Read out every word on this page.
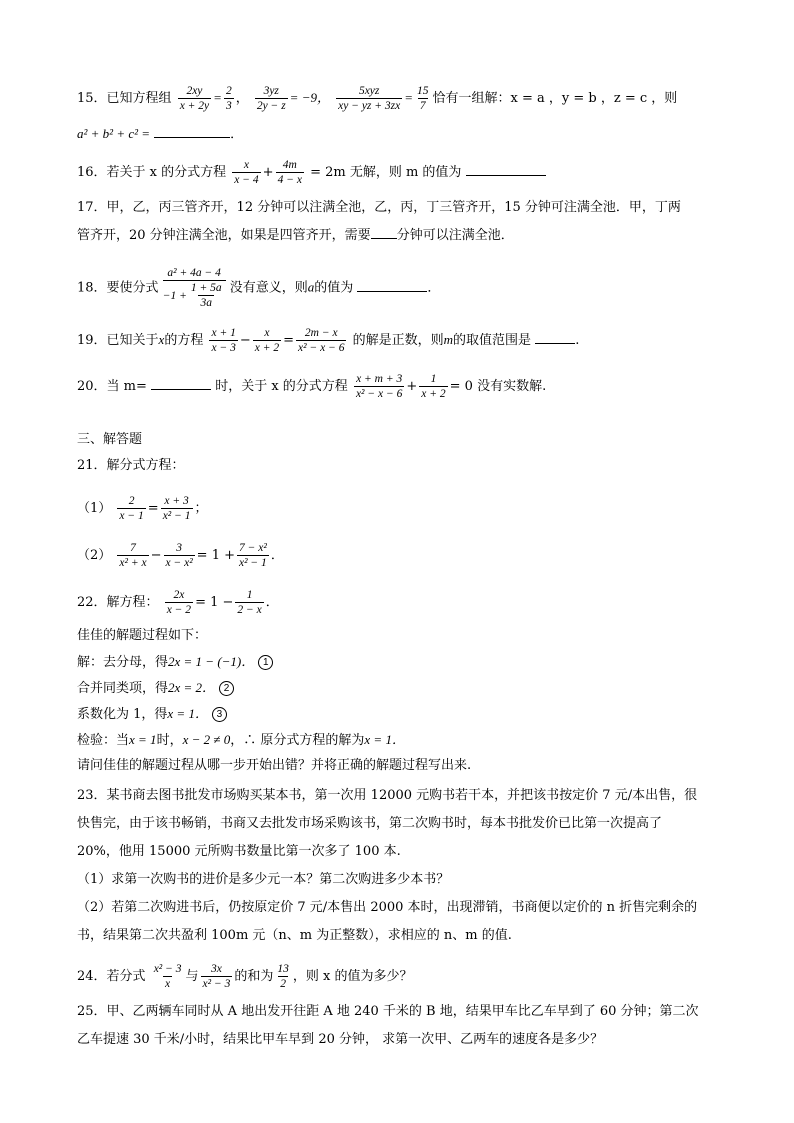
15．已知方程组 $\frac{2xy}{x + 2y} = \frac{2}{3}$ ， $\frac{3yz}{2y - z} = -9$， $\frac{\text{5xyz}}{xy - yz + 3zx} = \frac{15}{7}$ 恰有一组解：x = a ，y = b ，z = c ，则
a² + b² + c² =	．
16．若关于 x 的分式方程 $\frac{x}{x - 4} + \frac{4m}{4 - x} = 2m$ 无解，则 m 的值为
17．甲，乙，丙三管齐开，12 分钟可以注满全池，乙，丙，丁三管齐开，15 分钟可注满全池．甲，丁两
管齐开，20 分钟注满全池，如果是四管齐开，需要 分钟可以注满全池．
18．要使分式 $\frac{\text{a² + 4a − 4}}{-1 + \frac{1 + 5a}{3a}}$ 没有意义，则a的值为	．
19．已知关于x的方程 $\frac{x + 1}{x - 3} - \frac{x}{x + 2} = \frac{2m - x}{\text{x² − x − 6}}$ 的解是正数，则m的取值范围是	.
20．当 m=	时，关于 x 的分式方程 $\frac{x + m + 3}{\text{x² − x − 6}} + \frac{1}{x + 2} = 0$ 没有实数解.
三、解答题
21．解分式方程：
$(1) \frac{2}{x - 1} = \frac{x + 3}{\text{x² − 1}}$ ；
$(2) \frac{7}{\text{x² + x}} - \frac{3}{\text{x − x²}} = 1 + \frac{\text{7 − x²}}{\text{x² − 1}}$ ．
22．解方程： $\frac{2x}{x - 2} = 1 - \frac{1}{2 - x}$ ．
佳佳的解题过程如下：
解：去分母，得2x = 1 − (−1)． 1
合并同类项，得2x = 2． 2
系数化为 1，得x = 1． 3
检验：当x = 1时，x − 2 ≠ 0，∴ 原分式方程的解为x = 1．
请问佳佳的解题过程从哪一步开始出错？并将正确的解题过程写出来.
23．某书商去图书批发市场购买某本书，第一次用 12000 元购书若干本，并把该书按定价 7 元/本出售，很
快售完，由于该书畅销，书商又去批发市场采购该书，第二次购书时，每本书批发价已比第一次提高了
20%，他用 15000 元所购书数量比第一次多了 100 本.
（1）求第一次购书的进价是多少元一本？第二次购进多少本书？
（2）若第二次购进书后，仍按原定价 7 元/本售出 2000 本时，出现滞销，书商便以定价的 n 折售完剩余的
书，结果第二次共盈利 100m 元（n、m 为正整数），求相应的 n、m 的值.
24．若分式 $\frac{\text{x² − 3}}{x}$ 与 $\frac{3x}{\text{x² − 3}}$ 的和为 $\frac{13}{2}$ ，则 x 的值为多少？
25．甲、乙两辆车同时从 A 地出发开往距 A 地 240 千米的 B 地，结果甲车比乙车早到了 60 分钟；第二次
乙车提速 30 千米/小时，结果比甲车早到 20 分钟， 求第一次甲、乙两车的速度各是多少？
